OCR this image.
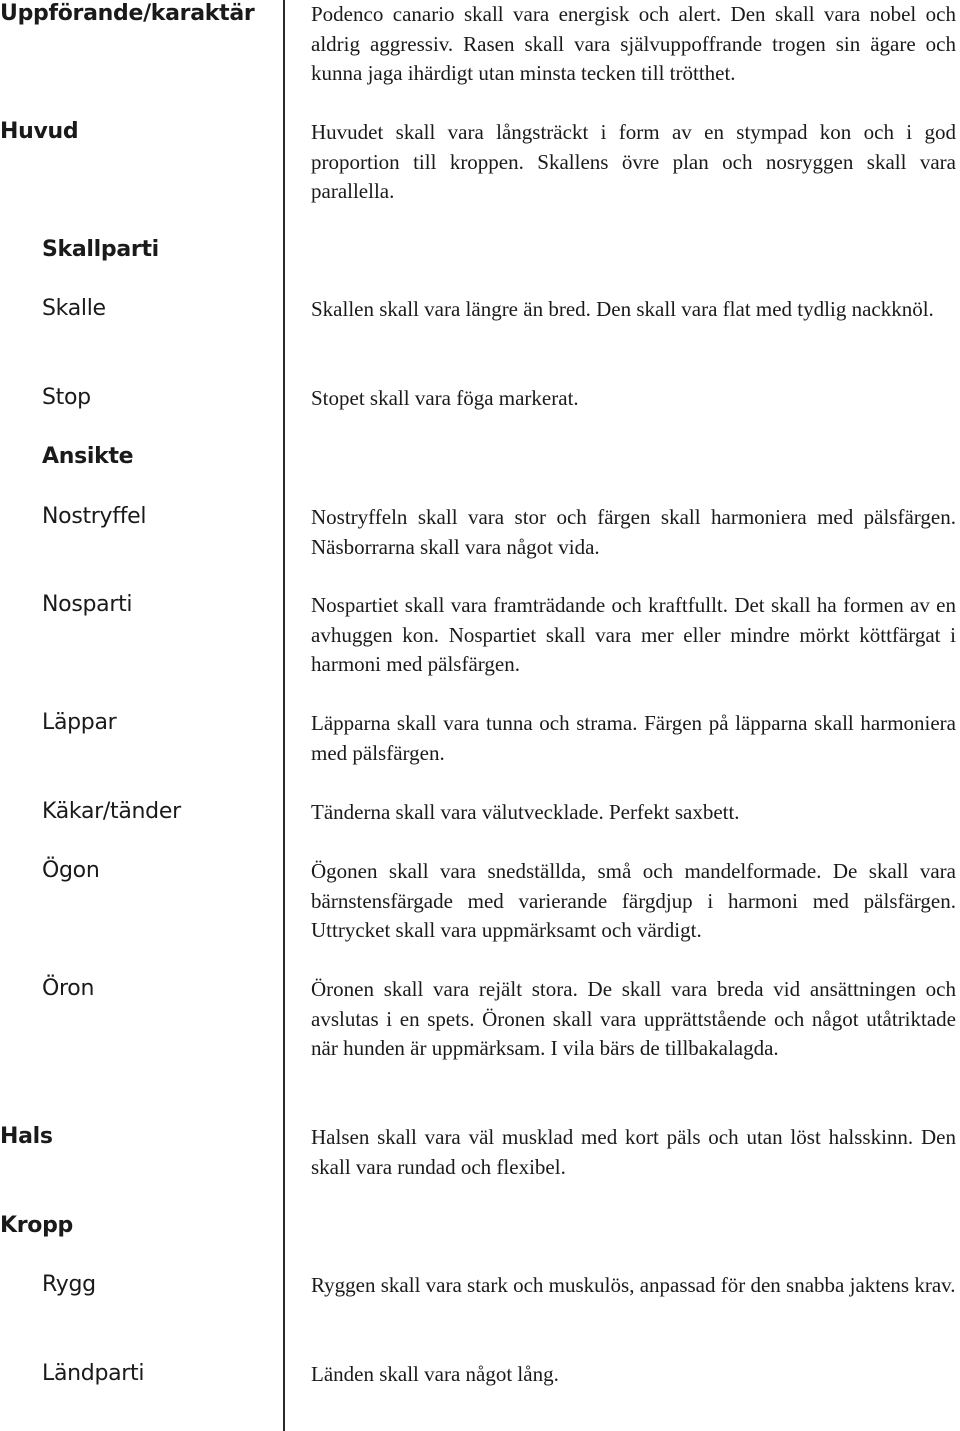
Uppförande/karaktär
Huvud
Skallparti
Skalle
Stop
Ansikte
Nostryffel
Nosparti
Läppar
Käkar/tänder
Ögon
Öron
Hals
Kropp
Rygg
Ländparti
Podenco canario skall vara energisk och alert. Den skall vara nobel och aldrig aggressiv. Rasen skall vara självuppoffrande trogen sin ägare och kunna jaga ihärdigt utan minsta tecken till trötthet.
Huvudet skall vara långsträckt i form av en stympad kon och i god proportion till kroppen. Skallens övre plan och nosryggen skall vara parallella.
Skallen skall vara längre än bred. Den skall vara flat med tydlig nackknöl.
Stopet skall vara föga markerat.
Nostryffeln skall vara stor och färgen skall harmoniera med pälsfärgen. Näsborrarna skall vara något vida.
Nospartiet skall vara framträdande och kraftfullt. Det skall ha formen av en avhuggen kon. Nospartiet skall vara mer eller mindre mörkt köttfärgat i harmoni med pälsfärgen.
Läpparna skall vara tunna och strama. Färgen på läpparna skall harmoniera med pälsfärgen.
Tänderna skall vara välutvecklade. Perfekt saxbett.
Ögonen skall vara snedställda, små och mandelformade. De skall vara bärnstensfärgade med varierande färgdjup i harmoni med pälsfärgen. Uttrycket skall vara uppmärksamt och värdigt.
Öronen skall vara rejält stora. De skall vara breda vid ansättningen och avslutas i en spets. Öronen skall vara upprättstående och något utåtriktade när hunden är uppmärksam. I vila bärs de tillbakalagda.
Halsen skall vara väl musklad med kort päls och utan löst halsskinn. Den skall vara rundad och flexibel.
Ryggen skall vara stark och muskulös, anpassad för den snabba jaktens krav.
Länden skall vara något lång.
